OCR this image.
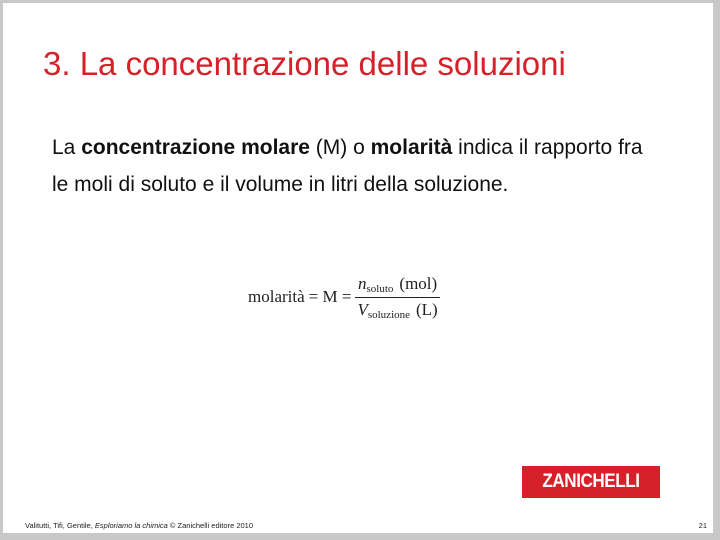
3. La concentrazione delle soluzioni
La concentrazione molare (M) o molarità indica il rapporto fra le moli di soluto e il volume in litri della soluzione.
molarità = $M = \frac{n_{soluto} (mol)}{V_{soluzione} (L)}$
ZANICHELLI
Valitutti, Tifi, Gentile, Esploriamo la chimica © Zanichelli editore 2010	21
